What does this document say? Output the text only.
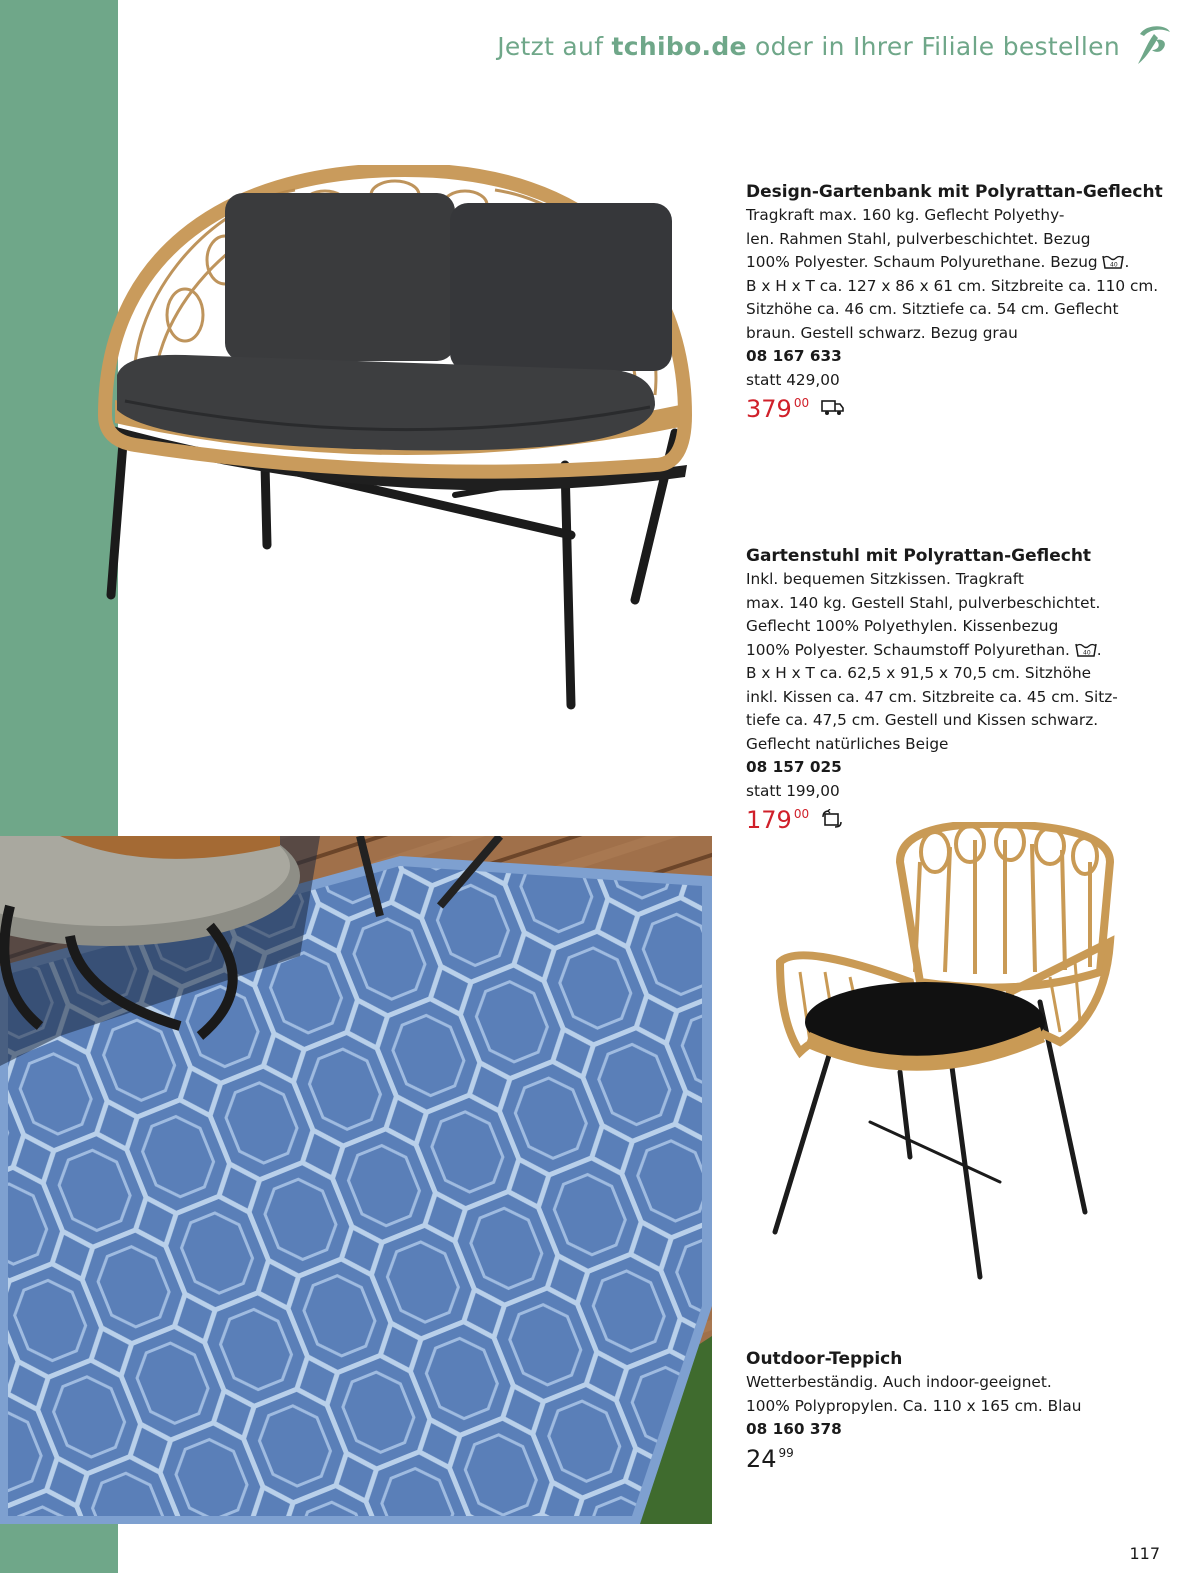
Jetzt auf tchibo.de oder in Ihrer Filiale bestellen
Design-Gartenbank mit Polyrattan-Geflecht
Tragkraft max. 160 kg. Geflecht Polyethy-
len. Rahmen Stahl, pulverbeschichtet. Bezug
100% Polyester. Schaum Polyurethane. Bezug 40 .
B x H x T ca. 127 x 86 x 61 cm. Sitzbreite ca. 110 cm.
Sitzhöhe ca. 46 cm. Sitztiefe ca. 54 cm. Geflecht
braun. Gestell schwarz. Bezug grau
08 167 633
statt 429,00
$379^{00}$
Gartenstuhl mit Polyrattan-Geflecht
Inkl. bequemen Sitzkissen. Tragkraft
max. 140 kg. Gestell Stahl, pulverbeschichtet.
Geflecht 100% Polyethylen. Kissenbezug
100% Polyester. Schaumstoff Polyurethan. 40 .
B x H x T ca. 62,5 x 91,5 x 70,5 cm. Sitzhöhe
inkl. Kissen ca. 47 cm. Sitzbreite ca. 45 cm. Sitz-
tiefe ca. 47,5 cm. Gestell und Kissen schwarz.
Geflecht natürliches Beige
08 157 025
statt 199,00
$179^{00}$
Outdoor-Teppich
Wetterbeständig. Auch indoor-geeignet.
100% Polypropylen. Ca. 110 x 165 cm. Blau
08 160 378
$24^{99}$
117
